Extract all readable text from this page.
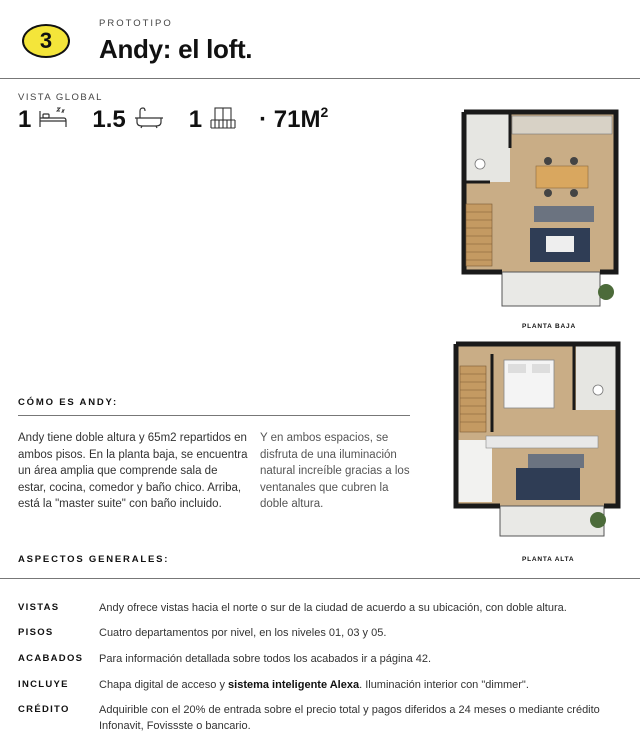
3
PROTOTIPO
Andy: el loft.
VISTA GLOBAL
1	1.5	$1 \cdot 71M^2$
PLANTA BAJA
PLANTA ALTA
CÓMO ES ANDY:
Andy tiene doble altura y 65m2 repartidos en ambos pisos. En la planta baja, se encuentra un área amplia que comprende sala de estar, cocina, comedor y baño chico. Arriba, está la "master suite" con baño incluido.
Y en ambos espacios, se disfruta de una iluminación natural increíble gracias a los ventanales que cubren la doble altura.
ASPECTOS GENERALES:
VISTAS	Andy ofrece vistas hacia el norte o sur de la ciudad de acuerdo a su ubicación, con doble altura.
PISOS	Cuatro departamentos por nivel, en los niveles 01, 03 y 05.
ACABADOS Para información detallada sobre todos los acabados ir a página 42.
INCLUYE	Chapa digital de acceso y sistema inteligente Alexa. Iluminación interior con "dimmer".
CRÉDITO	Adquirible con el 20% de entrada sobre el precio total y pagos diferidos a 24 meses o mediante crédito Infonavit, Fovissste o bancario.
